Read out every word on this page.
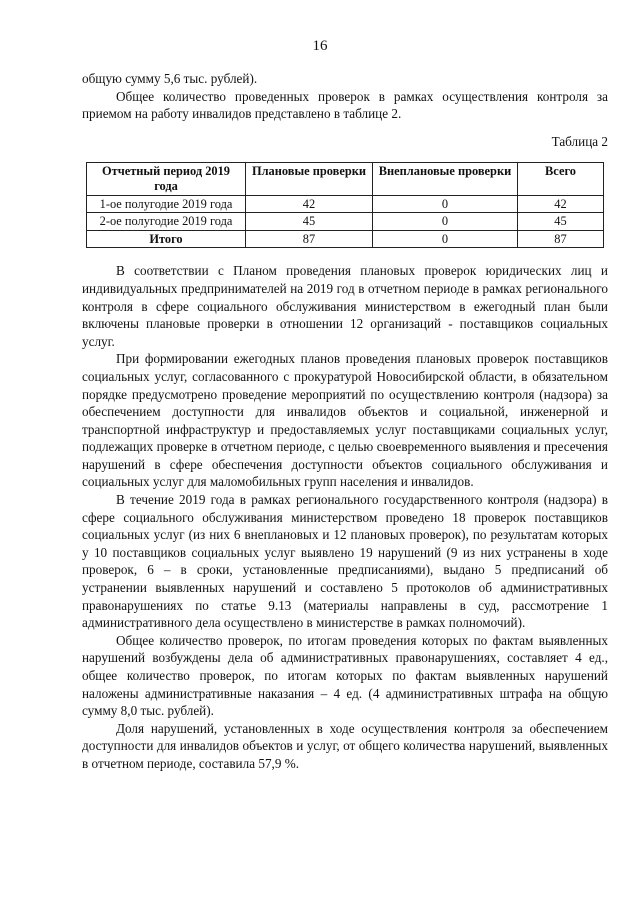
16

общую сумму 5,6 тыс. рублей).

Общее количество проведенных проверок в рамках осуществления контроля за приемом на работу инвалидов представлено в таблице 2.

Таблица 2
Отчетный период 2019 года	Плановые проверки	Внеплановые проверки	Всего
1-ое полугодие 2019 года	42	0	42
2-ое полугодие 2019 года	45	0	45
Итого	87	0	87

В соответствии с Планом проведения плановых проверок юридических лиц и индивидуальных предпринимателей на 2019 год в отчетном периоде в рамках регионального контроля в сфере социального обслуживания министерством в ежегодный план были включены плановые проверки в отношении 12 организаций - поставщиков социальных услуг.

При формировании ежегодных планов проведения плановых проверок поставщиков социальных услуг, согласованного с прокуратурой Новосибирской области, в обязательном порядке предусмотрено проведение мероприятий по осуществлению контроля (надзора) за обеспечением доступности для инвалидов объектов и социальной, инженерной и транспортной инфраструктур и предоставляемых услуг поставщиками социальных услуг, подлежащих проверке в отчетном периоде, с целью своевременного выявления и пресечения нарушений в сфере обеспечения доступности объектов социального обслуживания и социальных услуг для маломобильных групп населения и инвалидов.

В течение 2019 года в рамках регионального государственного контроля (надзора) в сфере социального обслуживания министерством проведено 18 проверок поставщиков социальных услуг (из них 6 внеплановых и 12 плановых проверок), по результатам которых у 10 поставщиков социальных услуг выявлено 19 нарушений (9 из них устранены в ходе проверок, 6 – в сроки, установленные предписаниями), выдано 5 предписаний об устранении выявленных нарушений и составлено 5 протоколов об административных правонарушениях по статье 9.13 (материалы направлены в суд, рассмотрение 1 административного дела осуществлено в министерстве в рамках полномочий).

Общее количество проверок, по итогам проведения которых по фактам выявленных нарушений возбуждены дела об административных правонарушениях, составляет 4 ед., общее количество проверок, по итогам которых по фактам выявленных нарушений наложены административные наказания – 4 ед. (4 административных штрафа на общую сумму 8,0 тыс. рублей).

Доля нарушений, установленных в ходе осуществления контроля за обеспечением доступности для инвалидов объектов и услуг, от общего количества нарушений, выявленных в отчетном периоде, составила 57,9 %.
